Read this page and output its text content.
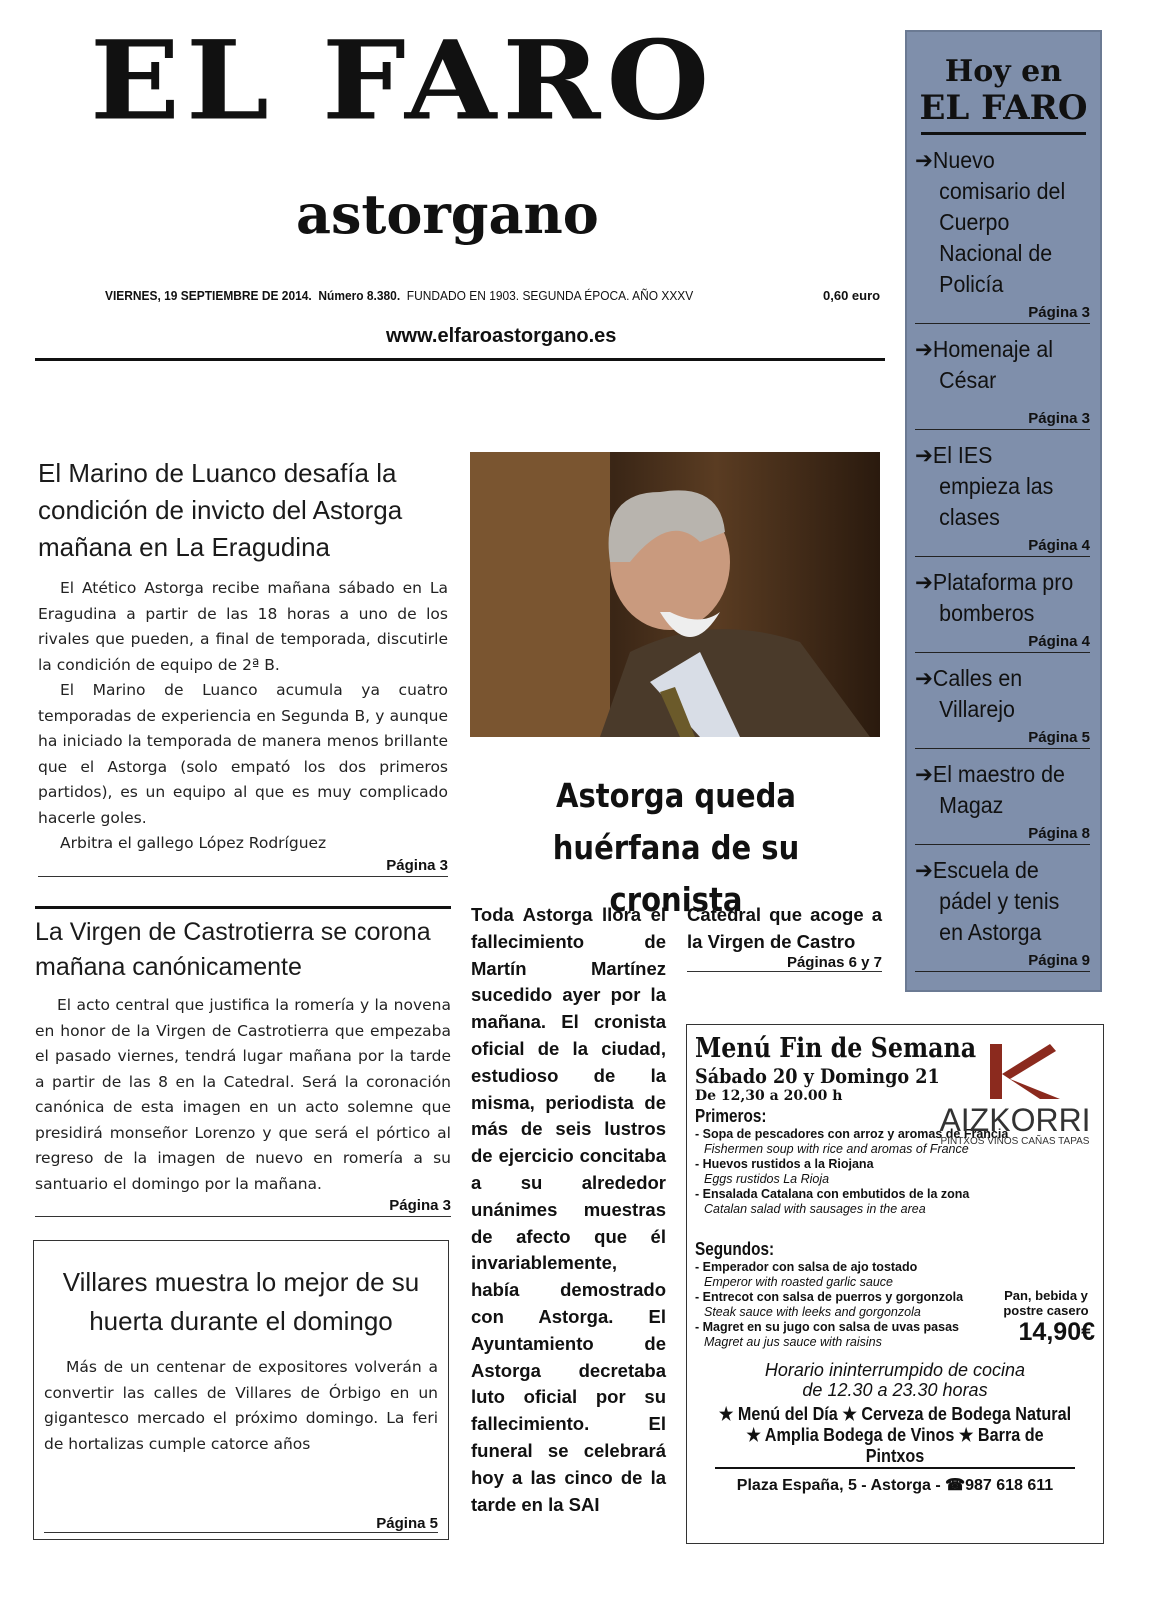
EL FARO
astorgano
VIERNES, 19 SEPTIEMBRE DE 2014. Número 8.380. FUNDADO EN 1903. SEGUNDA ÉPOCA. AÑO XXXV	0,60 euro
www.elfaroastorgano.es
El Marino de Luanco desafía la condición de invicto del Astorga mañana en La Eragudina

El Atético Astorga recibe mañana sábado en La Eragudina a partir de las 18 horas a uno de los rivales que pueden, a final de temporada, discutirle la condición de equipo de 2ª B.

El Marino de Luanco acumula ya cuatro temporadas de experiencia en Segunda B, y aunque ha iniciado la temporada de manera menos brillante que el Astorga (solo empató los dos primeros partidos), es un equipo al que es muy complicado hacerle goles.

Arbitra el gallego López Rodríguez

Página 3
La Virgen de Castrotierra se corona mañana canónicamente

El acto central que justifica la romería y la novena en honor de la Virgen de Castrotierra que empezaba el pasado viernes, tendrá lugar mañana por la tarde a partir de las 8 en la Catedral. Será la coronación canónica de esta imagen en un acto solemne que presidirá monseñor Lorenzo y que será el pórtico al regreso de la imagen de nuevo en romería a su santuario el domingo por la mañana.

Página 3
Villares muestra lo mejor de su huerta durante el domingo

Más de un centenar de expositores volverán a convertir las calles de Villares de Órbigo en un gigantesco mercado el próximo domingo. La feri de hortalizas cumple catorce años

Página 5
Astorga queda huérfana de su cronista
Toda Astorga llora el fallecimiento de Martín Martínez sucedido ayer por la mañana. El cronista oficial de la ciudad, estudioso de la misma, periodista de más de seis lustros de ejercicio concitaba a su alrededor unánimes muestras de afecto que él invariablemente, había demostrado con Astorga. El Ayuntamiento de Astorga decretaba luto oficial por su fallecimiento. El funeral se celebrará hoy a las cinco de la tarde en la SAI
Catedral que acoge a la Virgen de Castro
Páginas 6 y 7
Hoy en
EL FARO
➔Nuevo comisario del Cuerpo Nacional de Policía
Página 3
➔Homenaje al César
Página 3
➔El IES empieza las clases
Página 4
➔Plataforma pro bomberos
Página 4
➔Calles en Villarejo
Página 5
➔El maestro de Magaz
Página 8
➔Escuela de pádel y tenis en Astorga
Página 9
AIZKORRI
PINTXOS VINOS CAÑAS TAPAS
Menú Fin de Semana
Sábado 20 y Domingo 21
De 12,30 a 20.00 h
Primeros:
- Sopa de pescadores con arroz y aromas de Francia
Fishermen soup with rice and aromas of France
- Huevos rustidos a la Riojana
Eggs rustidos La Rioja
- Ensalada Catalana con embutidos de la zona
Catalan salad with sausages in the area
Segundos:
- Emperador con salsa de ajo tostado
Emperor with roasted garlic sauce
- Entrecot con salsa de puerros y gorgonzola
Steak sauce with leeks and gorgonzola
- Magret en su jugo con salsa de uvas pasas
Magret au jus sauce with raisins
Pan, bebida y postre casero
14,90€
Horario ininterrumpido de cocina
de 12.30 a 23.30 horas
★ Menú del Día ★ Cerveza de Bodega Natural
★ Amplia Bodega de Vinos ★ Barra de Pintxos
Plaza España, 5 - Astorga - ☎987 618 611
